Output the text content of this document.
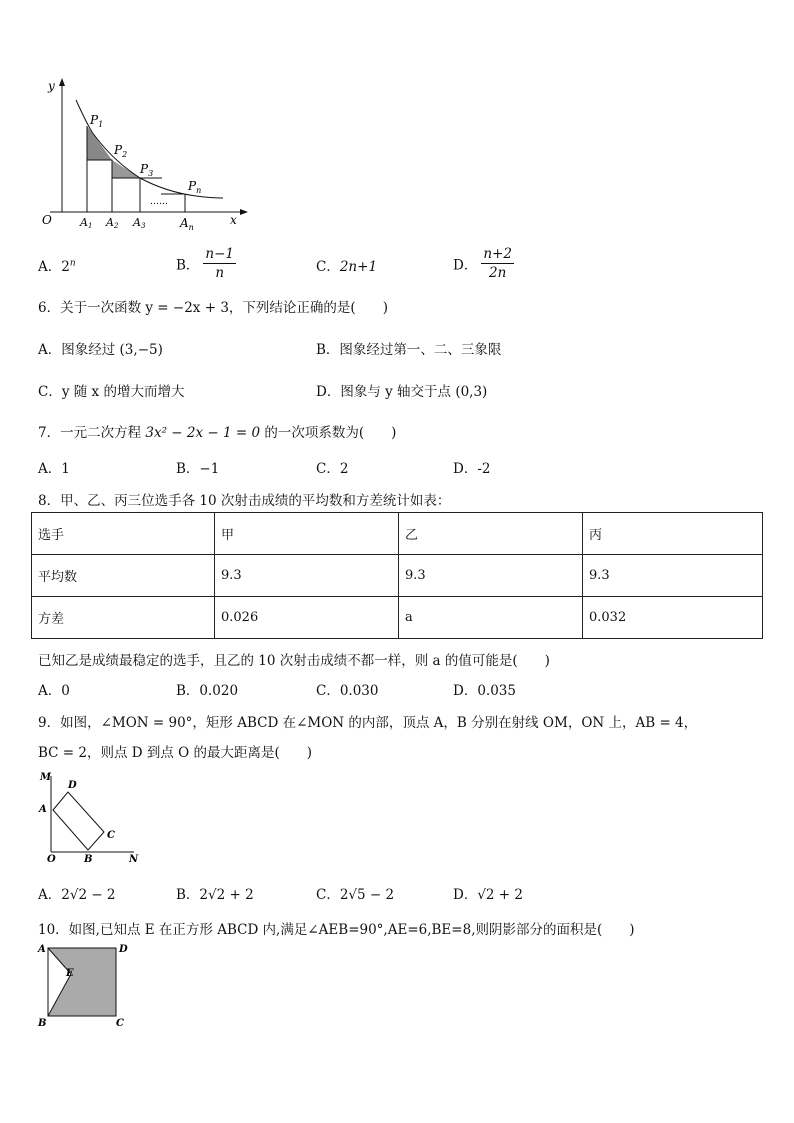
y
x
O
$P_1$
$P_2$
$P_3$
$P_n$
……
A1 A2 A3	$A_n$
A．2$^n$	B． $\frac{n-1}{n}$	C．2n+1	D． $\frac{n+2}{2n}$
6．关于一次函数 y = −2x + 3，下列结论正确的是(　　)
A．图象经过 (3,−5)	B．图象经过第一、二、三象限
C．y 随 x 的增大而增大	D．图象与 y 轴交于点 (0,3)
7．一元二次方程 3x² − 2x − 1 = 0 的一次项系数为(　　)
A．1	B．−1	C．2	D．-2
8．甲、乙、丙三位选手各 10 次射击成绩的平均数和方差统计如表：
选手	甲	乙	丙
平均数	9.3	9.3	9.3
方差	0.026	a	0.032
已知乙是成绩最稳定的选手，且乙的 10 次射击成绩不都一样，则 a 的值可能是(　　)
A．0	B．0.020	C．0.030	D．0.035
9．如图，∠MON = 90°，矩形 ABCD 在∠MON 的内部，顶点 A，B 分别在射线 OM，ON 上，AB = 4，
BC = 2，则点 D 到点 O 的最大距离是(　　)
M
D
A
C
O	B	N
A．2√2 − 2	B．2√2 + 2	C．2√5 − 2	D．√2 + 2
10．如图,已知点 E 在正方形 ABCD 内,满足∠AEB=90°,AE=6,BE=8,则阴影部分的面积是(　　)
A	D
E
B	C
